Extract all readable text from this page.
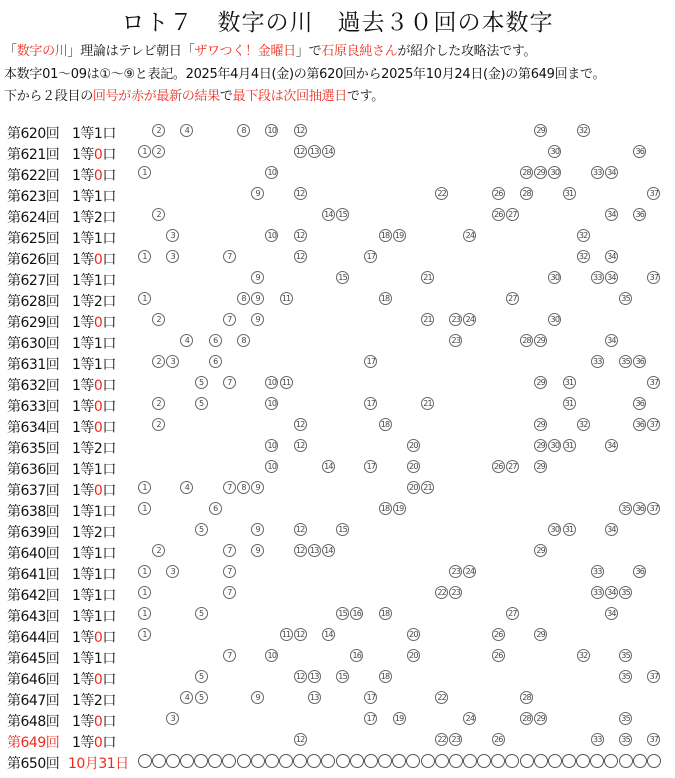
ロト７　数字の川　過去３０回の本数字
「数字の川」理論はテレビ朝日「ザワつく！金曜日」で石原良純さんが紹介した攻略法です。
本数字01～09は①～⑨と表記。2025年4月4日(金)の第620回から2025年10月24日(金)の第649回まで。
下から２段目の回号が赤が最新の結果で最下段は次回抽選日です。
第620回 1等1口	2	4	8	10 12	29	32
第621回 1等0口	1	2	12 13 14	30	36
第622回 1等0口	1	10	28 29 30	33 34
第623回 1等1口	9	12	22	26 28	31	37
第624回 1等2口	2	14 15	26 27	34 36
第625回 1等1口	3	10 12	18 19	24	32
第626回 1等0口	1	3	7	12	17	32 34
第627回 1等1口	9	15	21	30	33 34	37
第628回 1等2口	1	8	9	11	18	27	35
第629回 1等0口	2	7	9	21 23 24	30
第630回 1等1口	4	6	8	23	28 29	34
第631回 1等1口	2	3	6	17	33 35 36
第632回 1等0口	5	7	10 11	29 31	37
第633回 1等0口	2	5	10	17	21	31	36
第634回 1等0口	2	12	18	29	32	36 37
第635回 1等2口	10 12	20	29 30 31	34
第636回 1等1口	10	14	17	20	26 27 29
第637回 1等0口	1	4	7	8	9	20 21
第638回 1等1口	1	6	18 19	35 36 37
第639回 1等2口	5	9	12	15	30 31	34
第640回 1等1口	2	7	9	12 13 14	29
第641回 1等1口	1	3	7	23 24	33	36
第642回 1等1口	1	7	22 23	33 34 35
第643回 1等1口	1	5	15 16 18	27	34
第644回 1等0口	1	11 12 14	20	26	29
第645回 1等1口	7	10	16	20	26	32	35
第646回 1等0口	5	12 13 15	18	35 37
第647回 1等2口	4	5	9	13	17	22	28
第648回 1等0口	3	17 19	24	28 29	35
第649回 1等0口	12	22 23	26	33 35 37
第650回 10月31日
